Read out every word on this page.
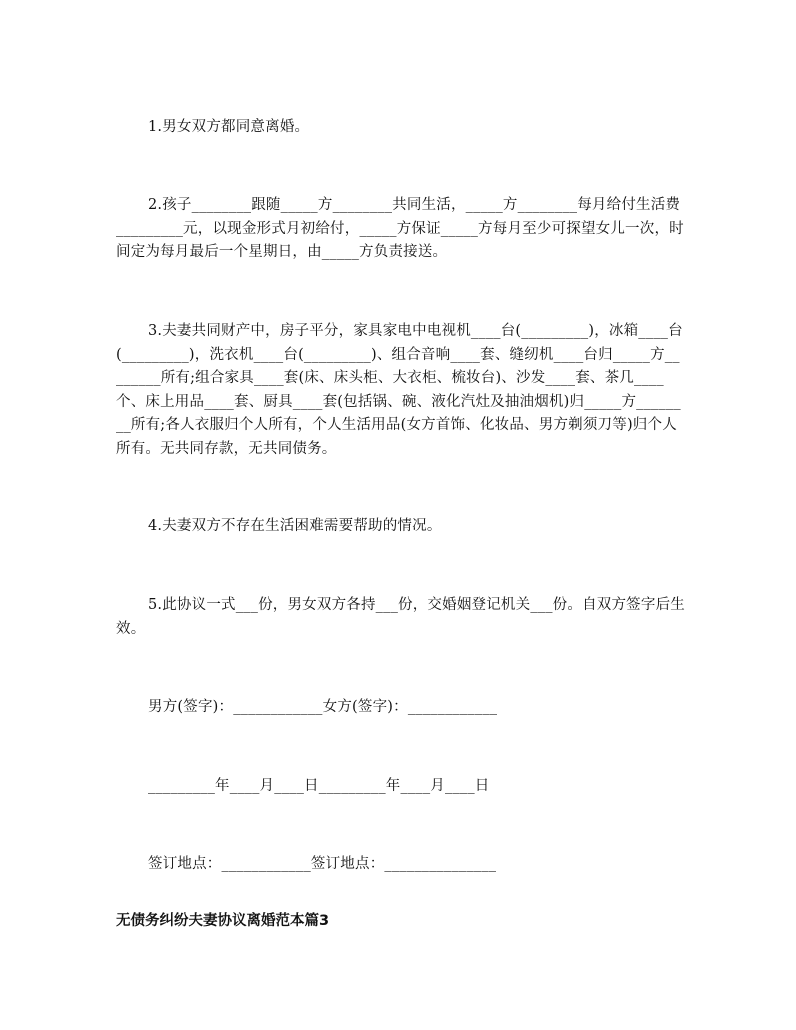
1.男女双方都同意离婚。

2.孩子________跟随_____方________共同生活，_____方________每月给付生活费_________元，以现金形式月初给付，_____方保证_____方每月至少可探望女儿一次，时间定为每月最后一个星期日，由_____方负责接送。

3.夫妻共同财产中，房子平分，家具家电中电视机____台(_________)，冰箱____台(_________)，洗衣机____台(_________)、组合音响____套、缝纫机____台归_____方________所有;组合家具____套(床、床头柜、大衣柜、梳妆台)、沙发____套、茶几____个、床上用品____套、厨具____套(包括锅、碗、液化汽灶及抽油烟机)归_____方________所有;各人衣服归个人所有，个人生活用品(女方首饰、化妆品、男方剃须刀等)归个人所有。无共同存款，无共同债务。

4.夫妻双方不存在生活困难需要帮助的情况。

5.此协议一式___份，男女双方各持___份，交婚姻登记机关___份。自双方签字后生效。

男方(签字)：____________女方(签字)：____________

_________年____月____日_________年____月____日

签订地点：____________签订地点：_______________

无债务纠纷夫妻协议离婚范本篇3
